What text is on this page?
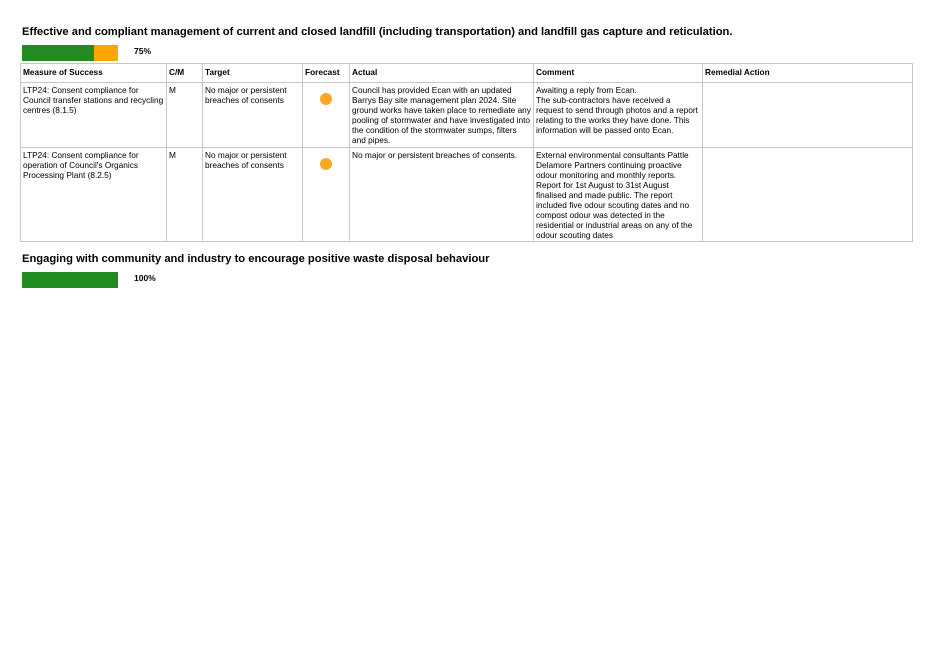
Effective and compliant management of current and closed landfill (including transportation) and landfill gas capture and reticulation.
75%
Measure of Success	C/M	Target	Forecast	Actual	Comment	Remedial Action
LTP24: Consent compliance for Council transfer stations and recycling centres (8.1.5)	M	No major or persistent breaches of consents		Council has provided Ecan with an updated Barrys Bay site management plan 2024. Site ground works have taken place to remediate any pooling of stormwater and have investigated into the condition of the stormwater sumps, filters and pipes.	Awaiting a reply from Ecan.
The sub-contractors have received a request to send through photos and a report relating to the works they have done. This information will be passed onto Ecan.	

LTP24: Consent compliance for operation of Council's Organics Processing Plant (8.2.5)	M	No major or persistent breaches of consents		No major or persistent breaches of consents.	External environmental consultants Pattle Delamore Partners continuing proactive odour monitoring and monthly reports. Report for 1st August to 31st August finalised and made public. The report included five odour scouting dates and no compost odour was detected in the residential or industrial areas on any of the odour scouting dates	

Engaging with community and industry to encourage positive waste disposal behaviour
100%
